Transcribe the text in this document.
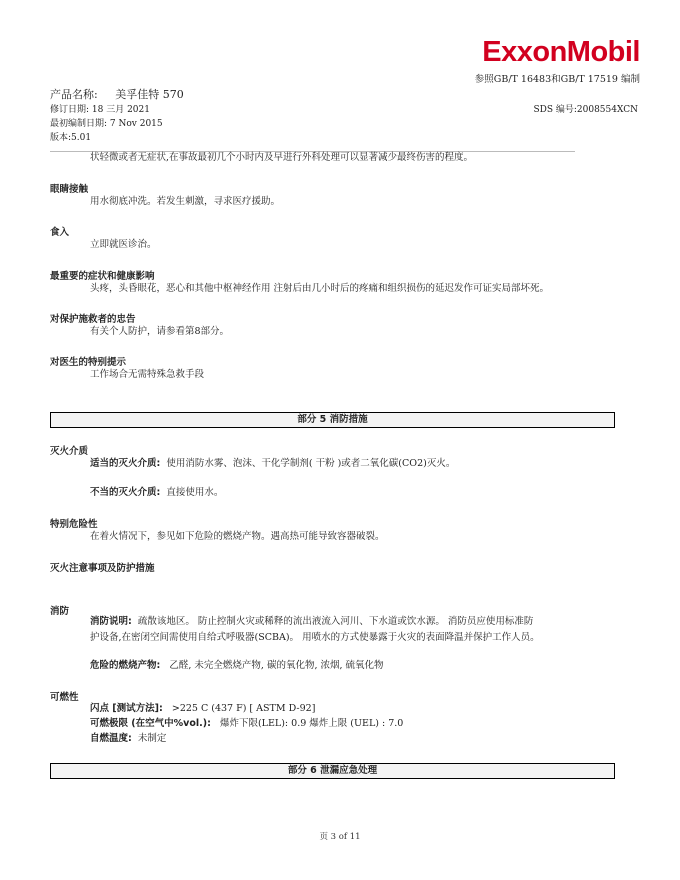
ExxonMobil
参照GB/T 16483和GB/T 17519 编制
产品名称: 美孚佳特 570
修订日期: 18 三月 2021
最初编制日期: 7 Nov 2015
版本:5.01
SDS 编号:2008554XCN
状轻微或者无症状,在事故最初几个小时内及早进行外科处理可以显著减少最终伤害的程度。
眼睛接触
用水彻底冲洗。若发生刺激，寻求医疗援助。
食入
立即就医诊治。
最重要的症状和健康影响
头疼，头昏眼花，恶心和其他中枢神经作用 注射后由几小时后的疼痛和组织损伤的延迟发作可证实局部坏死。
对保护施救者的忠告
有关个人防护，请参看第8部分。
对医生的特别提示
工作场合无需特殊急救手段
部分 5 消防措施
灭火介质
适当的灭火介质: 使用消防水雾、泡沫、干化学制剂( 干粉 )或者二氧化碳(CO2)灭火。
不当的灭火介质: 直接使用水。
特别危险性
在着火情况下，参见如下危险的燃烧产物。遇高热可能导致容器破裂。
灭火注意事项及防护措施
消防
消防说明: 疏散该地区。 防止控制火灾或稀释的流出液流入河川、下水道或饮水源。 消防员应使用标准防
护设备,在密闭空间需使用自给式呼吸器(SCBA)。 用喷水的方式使暴露于火灾的表面降温并保护工作人员。
危险的燃烧产物: 乙醛, 未完全燃烧产物, 碳的氧化物, 浓烟, 硫氧化物
可燃性
闪点 [测试方法]: >225 C (437 F) [ ASTM D-92]
可燃极限 (在空气中%vol.): 爆炸下限(LEL): 0.9 爆炸上限 (UEL) : 7.0
自燃温度: 未制定
部分 6 泄漏应急处理
页 3 of 11
